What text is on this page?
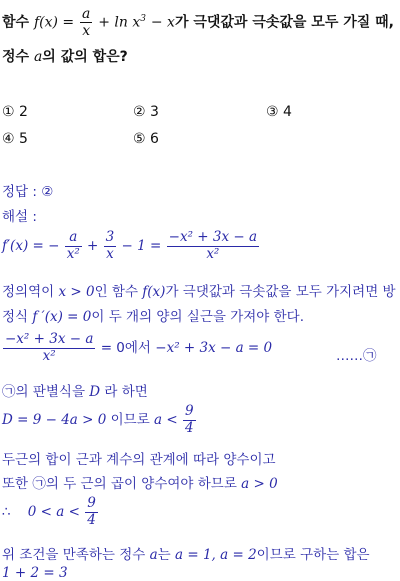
함수 $f(x) = \frac{a}{x} + \ln x^3 - x$가 극댓값과 극솟값을 모두 가질 때,
정수 a의 값의 합은?
① 2	② 3	③ 4
④ 5	⑤ 6
정답 : ②
해설 :
f′(x) = − $\frac{a}{\text{x²}} + \frac{3}{x} - 1 = \frac{\text{−x² + 3x − a}}{\text{x²}}$
정의역이 x > 0인 함수 f(x)가 극댓값과 극솟값을 모두 가지려면 방
정식 f ′(x) = 0이 두 개의 양의 실근을 가져야 한다.
$\frac{\text{−x² + 3x − a}}{\text{x²}} = 0$에서 −x² + 3x − a = 0	……㉠
㉠의 판별식을 D 라 하면
D = 9 − 4a > 0 이므로 $a < \frac{9}{4}$
두근의 합이 근과 계수의 관계에 따라 양수이고
또한 ㉠의 두 근의 곱이 양수여야 하므로 a > 0
∴ $0 < a < \frac{9}{4}$
위 조건을 만족하는 정수 a는 a = 1, a = 2이므로 구하는 합은
1 + 2 = 3
